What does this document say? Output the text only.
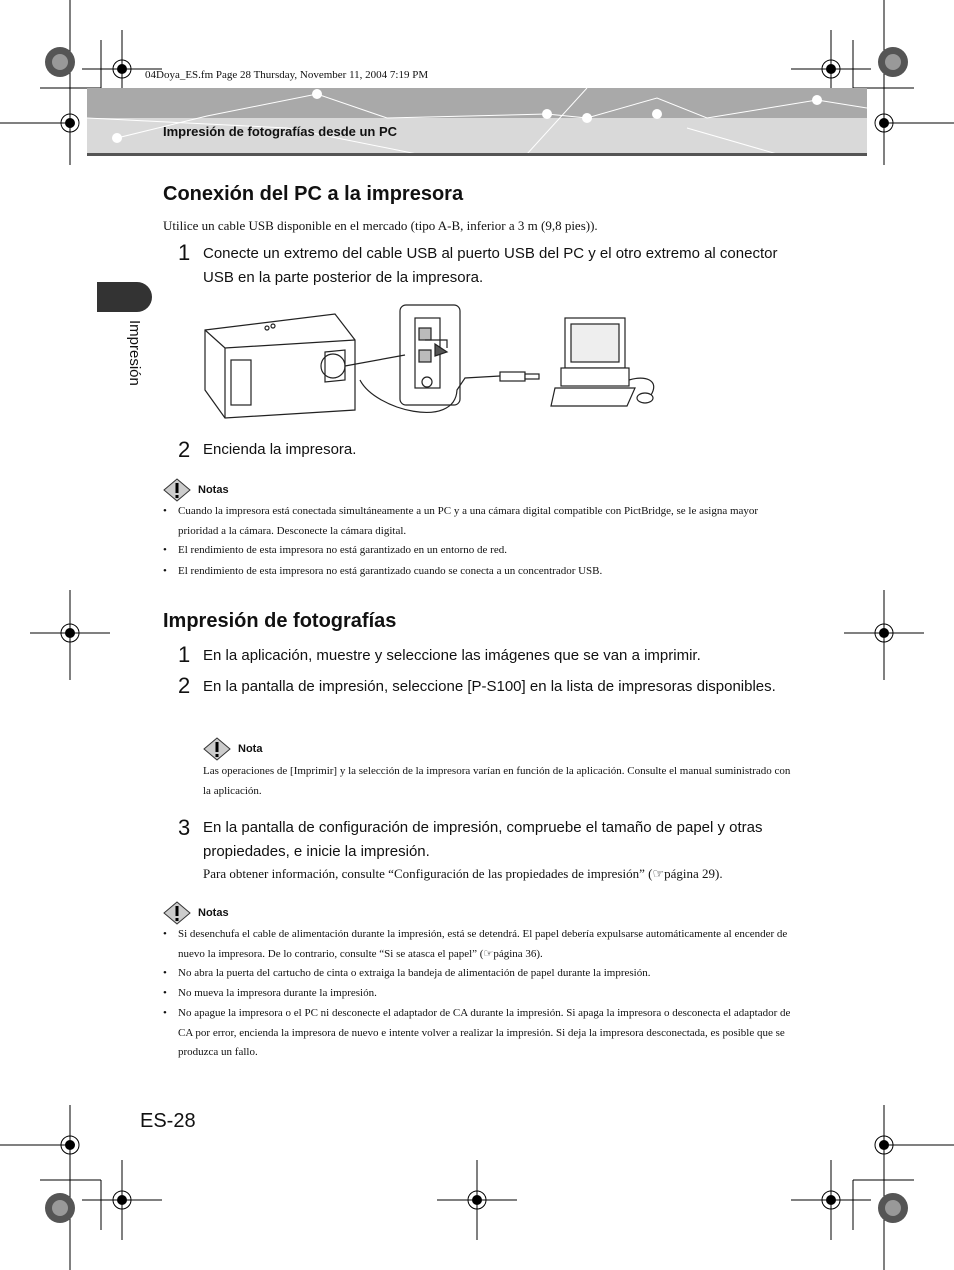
04Doya_ES.fm Page 28 Thursday, November 11, 2004 7:19 PM
Impresión de fotografías desde un PC
Impresión
Conexión del PC a la impresora
Utilice un cable USB disponible en el mercado (tipo A-B, inferior a 3 m (9,8 pies)).
1 Conecte un extremo del cable USB al puerto USB del PC y el otro extremo al conector USB en la parte posterior de la impresora.
2 Encienda la impresora.
Notas
• Cuando la impresora está conectada simultáneamente a un PC y a una cámara digital compatible con PictBridge, se le asigna mayor prioridad a la cámara. Desconecte la cámara digital.
• El rendimiento de esta impresora no está garantizado en un entorno de red.
• El rendimiento de esta impresora no está garantizado cuando se conecta a un concentrador USB.
Impresión de fotografías
1 En la aplicación, muestre y seleccione las imágenes que se van a imprimir.
2 En la pantalla de impresión, seleccione [P-S100] en la lista de impresoras disponibles.
Nota
Las operaciones de [Imprimir] y la selección de la impresora varían en función de la aplicación. Consulte el manual suministrado con la aplicación.
3 En la pantalla de configuración de impresión, compruebe el tamaño de papel y otras propiedades, e inicie la impresión.
Para obtener información, consulte “Configuración de las propiedades de impresión” (☞página 29).
Notas
• Si desenchufa el cable de alimentación durante la impresión, está se detendrá. El papel debería expulsarse automáticamente al encender de nuevo la impresora. De lo contrario, consulte “Si se atasca el papel” (☞página 36).
• No abra la puerta del cartucho de cinta o extraiga la bandeja de alimentación de papel durante la impresión.
• No mueva la impresora durante la impresión.
• No apague la impresora o el PC ni desconecte el adaptador de CA durante la impresión. Si apaga la impresora o desconecta el adaptador de CA por error, encienda la impresora de nuevo e intente volver a realizar la impresión. Si deja la impresora desconectada, es posible que se produzca un fallo.
ES-28
